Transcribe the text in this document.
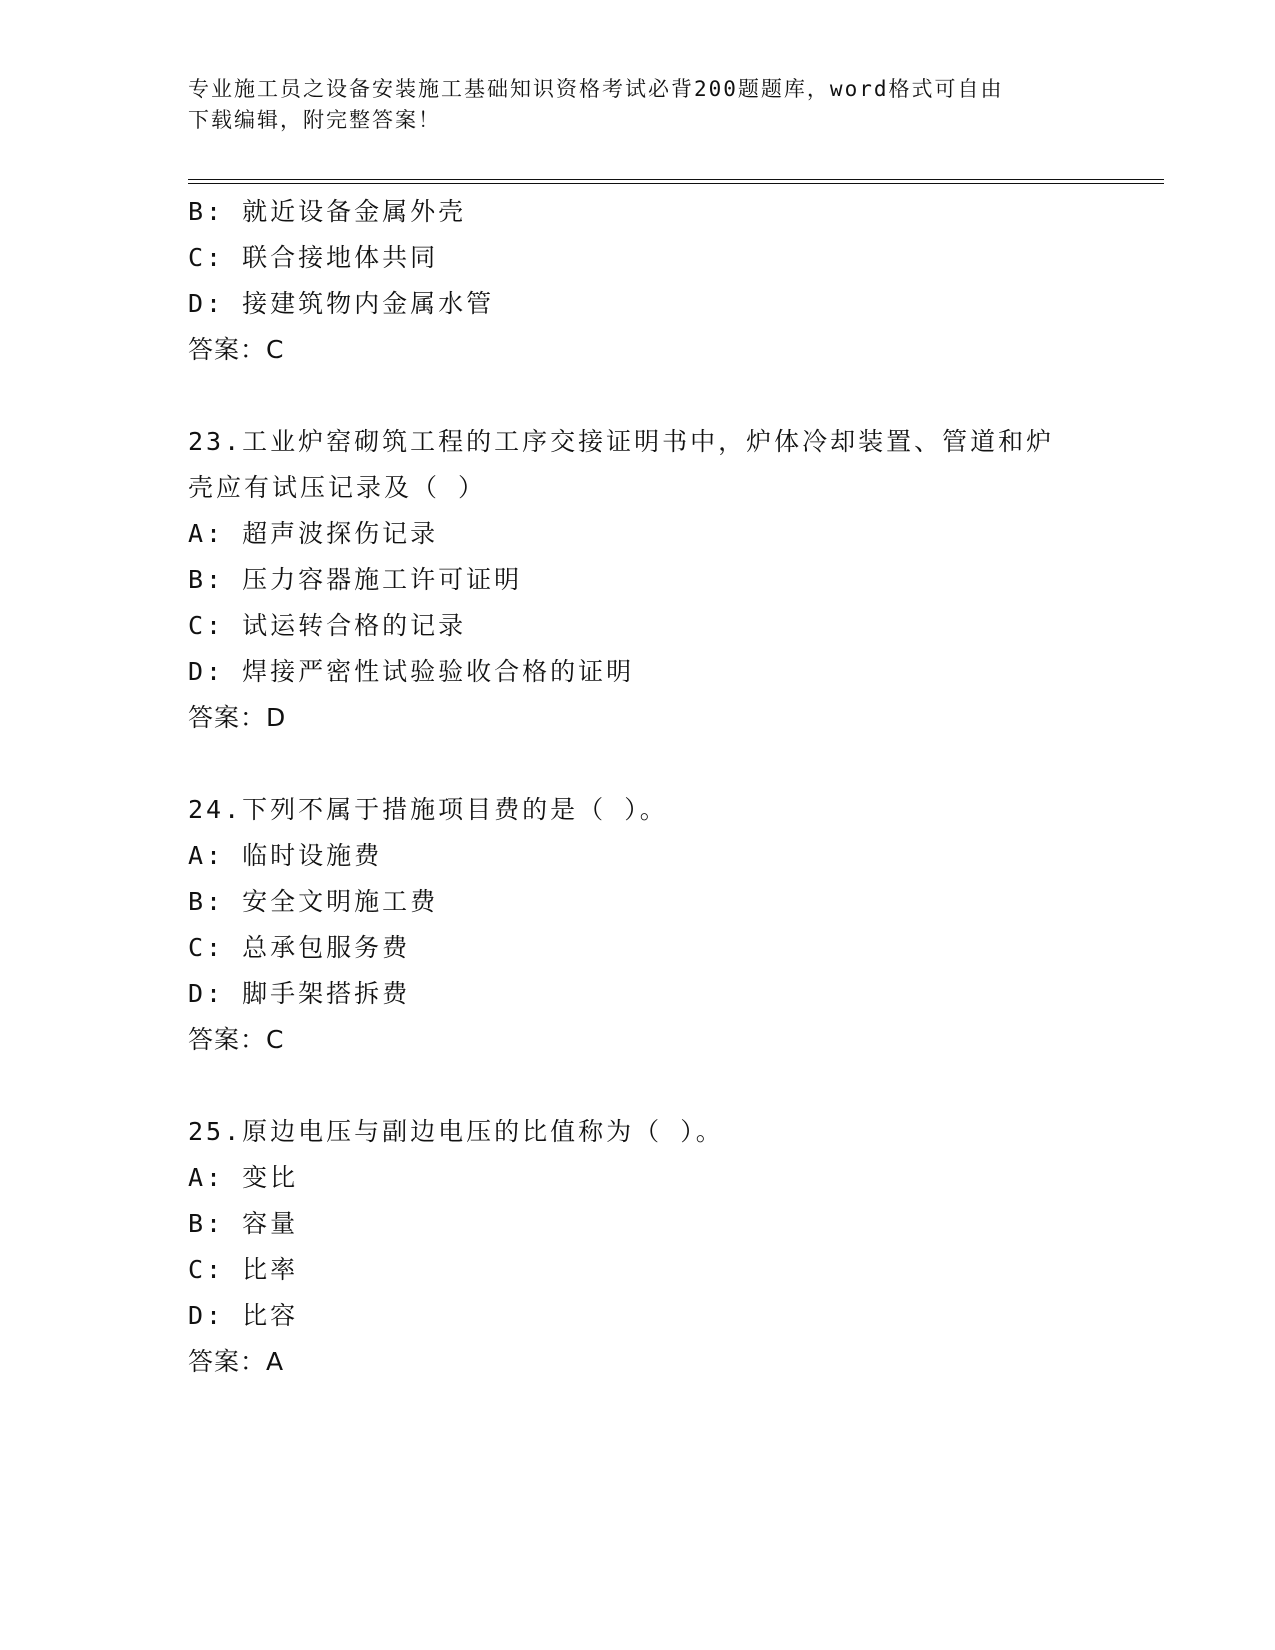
专业施工员之设备安装施工基础知识资格考试必背200题题库，word格式可自由
下载编辑，附完整答案！
B: 就近设备金属外壳
C: 联合接地体共同
D: 接建筑物内金属水管
答案：C
23.工业炉窑砌筑工程的工序交接证明书中，炉体冷却装置、管道和炉
壳应有试压记录及（ ）
A: 超声波探伤记录
B: 压力容器施工许可证明
C: 试运转合格的记录
D: 焊接严密性试验验收合格的证明
答案：D
24.下列不属于措施项目费的是（ ）。
A: 临时设施费
B: 安全文明施工费
C: 总承包服务费
D: 脚手架搭拆费
答案：C
25.原边电压与副边电压的比值称为（ ）。
A: 变比
B: 容量
C: 比率
D: 比容
答案：A
